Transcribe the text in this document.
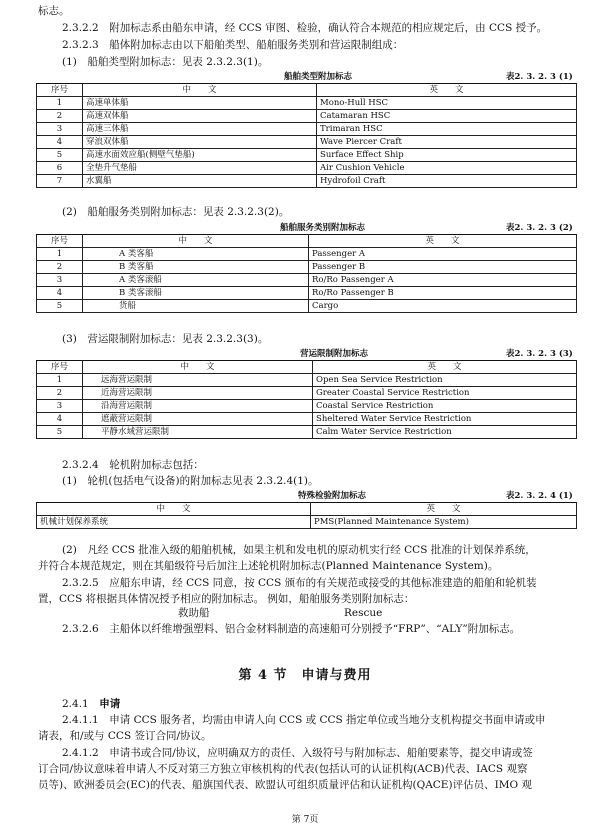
标志。
2.3.2.2　附加标志系由船东申请，经 CCS 审图、检验，确认符合本规范的相应规定后，由 CCS 授予。
2.3.2.3　船体附加标志由以下船舶类型、船舶服务类别和营运限制组成：
(1)　船舶类型附加标志：见表 2.3.2.3(1)。
船舶类型附加标志	表2. 3. 2. 3 (1)
序号	中　　文	英　　文
1	高速单体船	Mono-Hull HSC
2	高速双体船	Catamaran HSC
3	高速三体船	Trimaran HSC
4	穿浪双体船	Wave Piercer Craft
5	高速水面效应船(侧壁气垫船)	Surface Effect Ship
6	全垫升气垫船	Air Cushion Vehicle
7	水翼船	Hydrofoil Craft
(2)　船舶服务类别附加标志：见表 2.3.2.3(2)。
船舶服务类别附加标志	表2. 3. 2. 3 (2)
序号	中　　文	英　　文
1	A 类客船	Passenger A
2	B 类客船	Passenger B
3	A 类客滚船	Ro/Ro Passenger A
4	B 类客滚船	Ro/Ro Passenger B
5	货船	Cargo
(3)　营运限制附加标志：见表 2.3.2.3(3)。
营运限制附加标志	表2. 3. 2. 3 (3)
序号	中　　文	英　　文
1	远海营运限制	Open Sea Service Restriction
2	近海营运限制	Greater Coastal Service Restriction
3	沿海营运限制	Coastal Service Restriction
4	遮蔽营运限制	Sheltered Water Service Restriction
5	平静水域营运限制	Calm Water Service Restriction
2.3.2.4　轮机附加标志包括：
(1)　轮机(包括电气设备)的附加标志见表 2.3.2.4(1)。
特殊检验附加标志	表2. 3. 2. 4 (1)
中　　文	英　　文
机械计划保养系统	PMS(Planned Maintenance System)
(2)　凡经 CCS 批准入级的船舶机械，如果主机和发电机的原动机实行经 CCS 批准的计划保养系统，
并符合本规范规定，则在其船级符号后加注上述轮机附加标志(Planned Maintenance System)。
2.3.2.5　应船东申请，经 CCS 同意，按 CCS 颁布的有关规范或接受的其他标准建造的船舶和轮机装
置，CCS 将根据具体情况授予相应的附加标志。 例如，船舶服务类别附加标志：
救助船	Rescue
2.3.2.6　主船体以纤维增强塑料、铝合金材料制造的高速船可分别授予“FRP”、“ALY”附加标志。
第 4 节　申请与费用
2.4.1　 申请
2.4.1.1　申请 CCS 服务者，均需由申请人向 CCS 或 CCS 指定单位或当地分支机构提交书面申请或申
请表，和/或与 CCS 签订合同/协议。
2.4.1.2　申请书或合同/协议，应明确双方的责任、入级符号与附加标志、船舶要素等，提交申请或签
订合同/协议意味着申请人不反对第三方独立审核机构的代表(包括认可的认证机构(ACB)代表、IACS 观察
员等)、欧洲委员会(EC)的代表、船旗国代表、欧盟认可组织质量评估和认证机构(QACE)评估员、IMO 观
第 7页
